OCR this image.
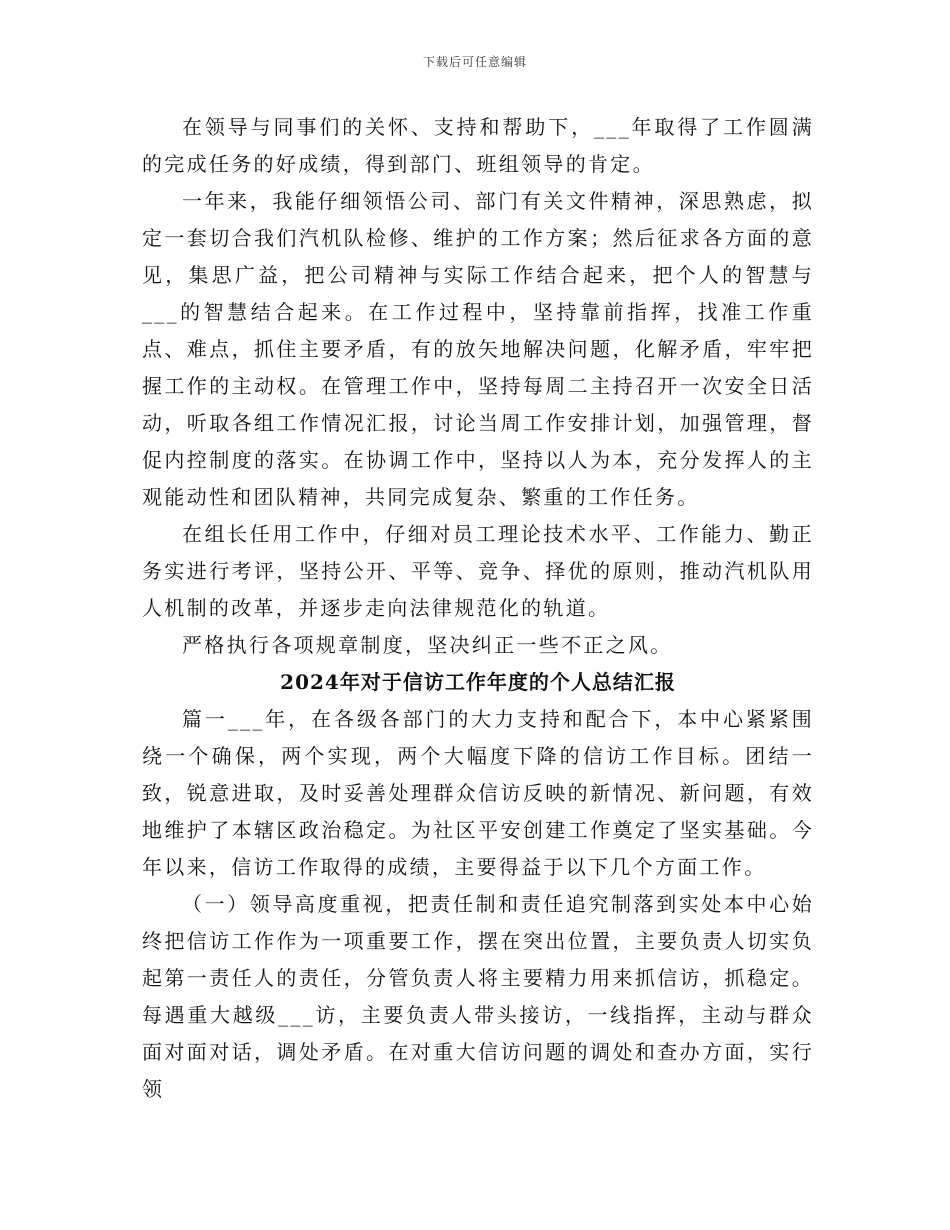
下载后可任意编辑

在领导与同事们的关怀、支持和帮助下，___年取得了工作圆满的完成任务的好成绩，得到部门、班组领导的肯定。

一年来，我能仔细领悟公司、部门有关文件精神，深思熟虑，拟定一套切合我们汽机队检修、维护的工作方案；然后征求各方面的意见，集思广益，把公司精神与实际工作结合起来，把个人的智慧与___的智慧结合起来。在工作过程中，坚持靠前指挥，找准工作重点、难点，抓住主要矛盾，有的放矢地解决问题，化解矛盾，牢牢把握工作的主动权。在管理工作中，坚持每周二主持召开一次安全日活动，听取各组工作情况汇报，讨论当周工作安排计划，加强管理，督促内控制度的落实。在协调工作中，坚持以人为本，充分发挥人的主观能动性和团队精神，共同完成复杂、繁重的工作任务。

在组长任用工作中，仔细对员工理论技术水平、工作能力、勤正务实进行考评，坚持公开、平等、竞争、择优的原则，推动汽机队用人机制的改革，并逐步走向法律规范化的轨道。

严格执行各项规章制度，坚决纠正一些不正之风。

2024年对于信访工作年度的个人总结汇报

篇一___年，在各级各部门的大力支持和配合下，本中心紧紧围绕一个确保，两个实现，两个大幅度下降的信访工作目标。团结一致，锐意进取，及时妥善处理群众信访反映的新情况、新问题，有效地维护了本辖区政治稳定。为社区平安创建工作奠定了坚实基础。今年以来，信访工作取得的成绩，主要得益于以下几个方面工作。

（一）领导高度重视，把责任制和责任追究制落到实处本中心始终把信访工作作为一项重要工作，摆在突出位置，主要负责人切实负起第一责任人的责任，分管负责人将主要精力用来抓信访，抓稳定。每遇重大越级___访，主要负责人带头接访，一线指挥，主动与群众面对面对话，调处矛盾。在对重大信访问题的调处和查办方面，实行领
